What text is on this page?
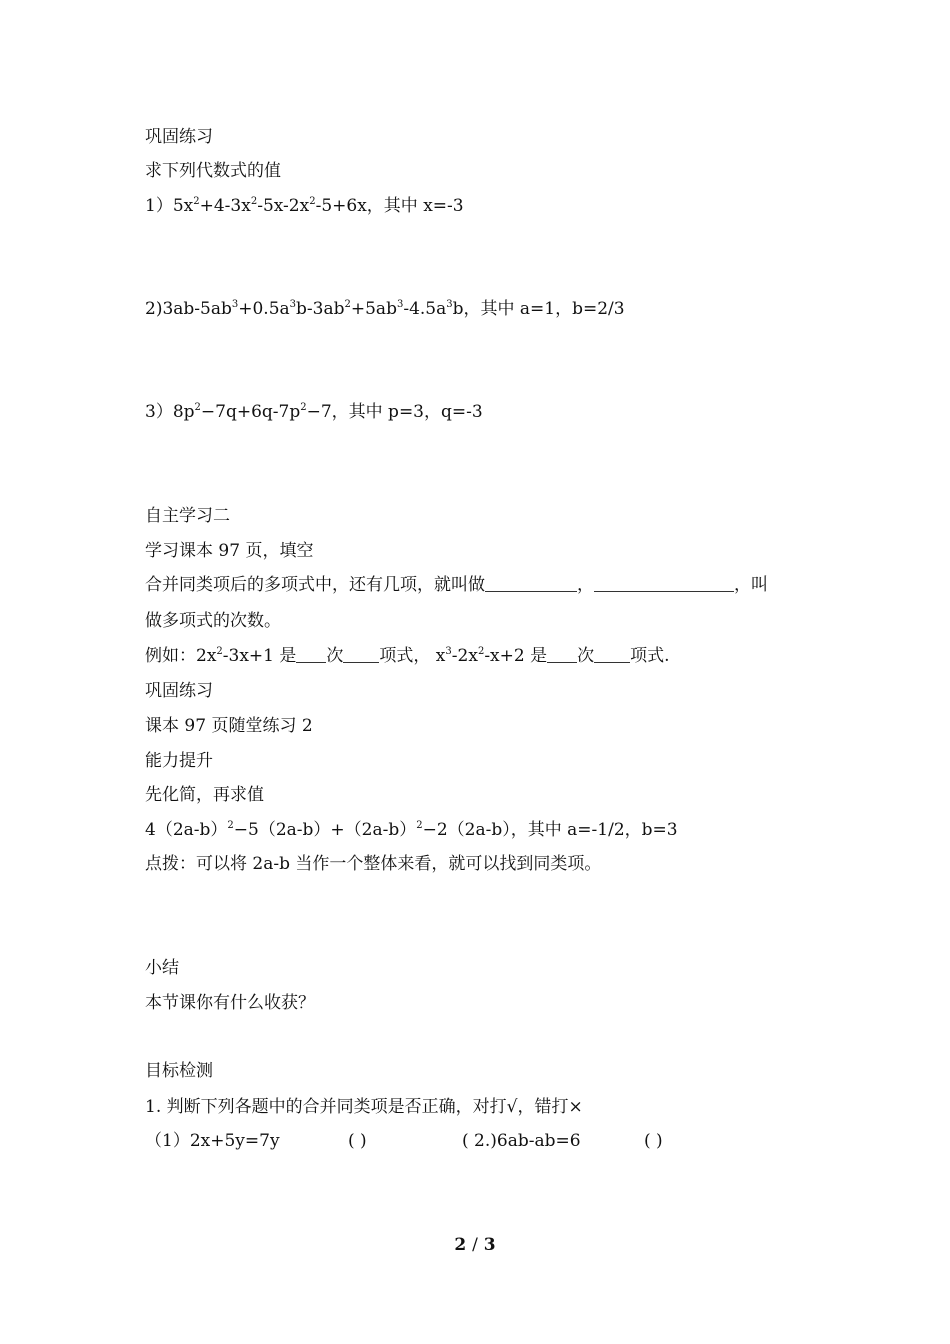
巩固练习
求下列代数式的值
$1)5x^2+4-3x^2-5x-2x^2-5+6x$，其中 x=-3
$2)3ab-5ab^3+0.5a^3b-3ab^2+5ab^3-4.5a^3b$，其中 a=1，b=2/3
$3)8p^2-7q+6q-7p^2-7$，其中 p=3，q=-3
自主学习二
学习课本 97 页，填空
合并同类项后的多项式中，还有几项，就叫做	，	，叫
做多项式的次数。
例如：$2x^2-3x+1$ 是 次 项式， $x^3-2x^2-x+2$ 是 次 项式.
巩固练习
课本 97 页随堂练习 2
能力提升
先化简，再求值
$4(2a-b)^2-5(2a-b)+(2a-b)^2-2(2a-b)$，其中 a=-1/2，b=3
点拨：可以将 2a-b 当作一个整体来看，就可以找到同类项。
小结
本节课你有什么收获？
目标检测
1. 判断下列各题中的合并同类项是否正确，对打√，错打×
（1）2x+5y=7y	( )	( 2.)6ab-ab=6	( )
2 / 3
